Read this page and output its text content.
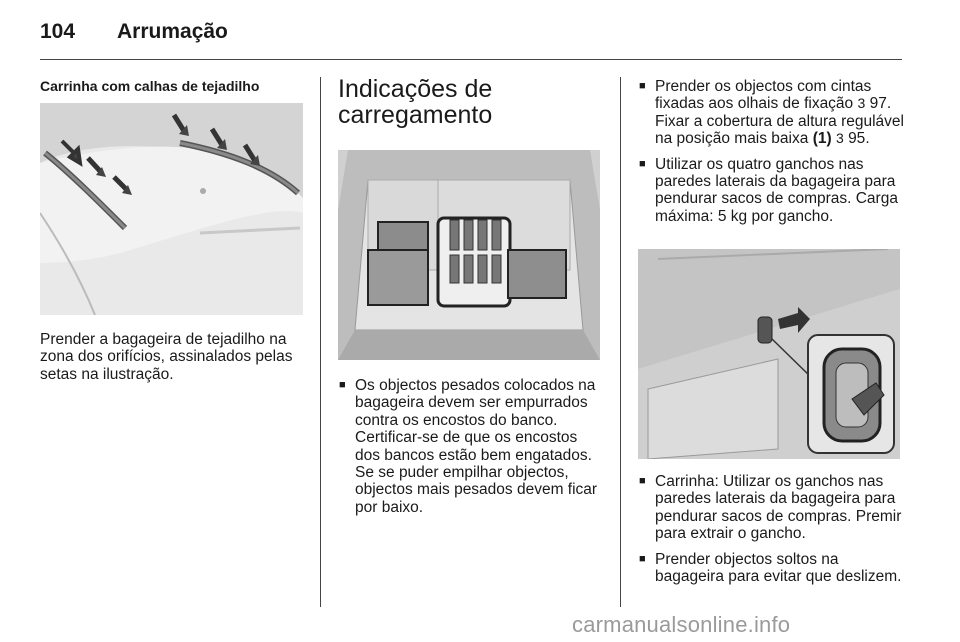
104 Arrumação
Carrinha com calhas de tejadilho
Prender a bagageira de tejadilho na zona dos orifícios, assinalados pelas setas na ilustração.
Indicações de
carregamento
■ Os objectos pesados colocados na bagageira devem ser empurrados contra os encostos do banco. Certificar-se de que os encostos dos bancos estão bem engatados. Se se puder empilhar objectos, objectos mais pesados devem ficar por baixo.
■ Prender os objectos com cintas fixadas aos olhais de fixação 3 97. Fixar a cobertura de altura regulável na posição mais baixa (1) 3 95.
■ Utilizar os quatro ganchos nas paredes laterais da bagageira para pendurar sacos de compras. Carga máxima: 5 kg por gancho.
■ Carrinha: Utilizar os ganchos nas paredes laterais da bagageira para pendurar sacos de compras. Premir para extrair o gancho.
■ Prender objectos soltos na bagageira para evitar que deslizem.
carmanualsonline.info
